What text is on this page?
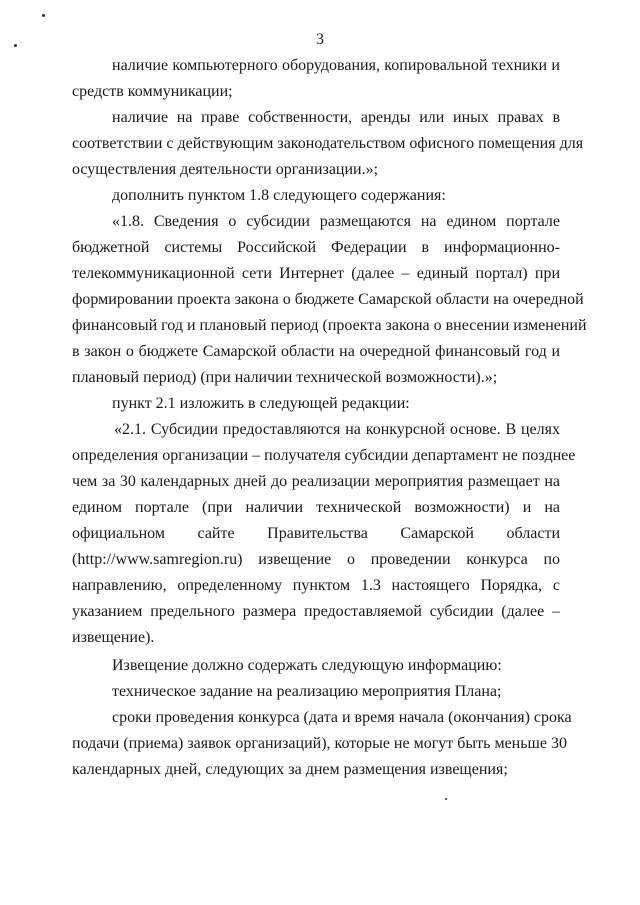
3
наличие компьютерного оборудования, копировальной техники и
средств коммуникации;
наличие на праве собственности, аренды или иных правах в
соответствии с действующим законодательством офисного помещения для
осуществления деятельности организации.»;
дополнить пунктом 1.8 следующего содержания:
«1.8. Сведения о субсидии размещаются на едином портале
бюджетной системы Российской Федерации в информационно-
телекоммуникационной сети Интернет (далее – единый портал) при
формировании проекта закона о бюджете Самарской области на очередной
финансовый год и плановый период (проекта закона о внесении изменений
в закон о бюджете Самарской области на очередной финансовый год и
плановый период) (при наличии технической возможности).»;
пункт 2.1 изложить в следующей редакции:
«2.1. Субсидии предоставляются на конкурсной основе. В целях
определения организации – получателя субсидии департамент не позднее
чем за 30 календарных дней до реализации мероприятия размещает на
едином портале (при наличии технической возможности) и на
официальном сайте Правительства Самарской области
(http://www.samregion.ru) извещение о проведении конкурса по
направлению, определенному пунктом 1.3 настоящего Порядка, с
указанием предельного размера предоставляемой субсидии (далее –
извещение).
Извещение должно содержать следующую информацию:
техническое задание на реализацию мероприятия Плана;
сроки проведения конкурса (дата и время начала (окончания) срока
подачи (приема) заявок организаций), которые не могут быть меньше 30
календарных дней, следующих за днем размещения извещения;
